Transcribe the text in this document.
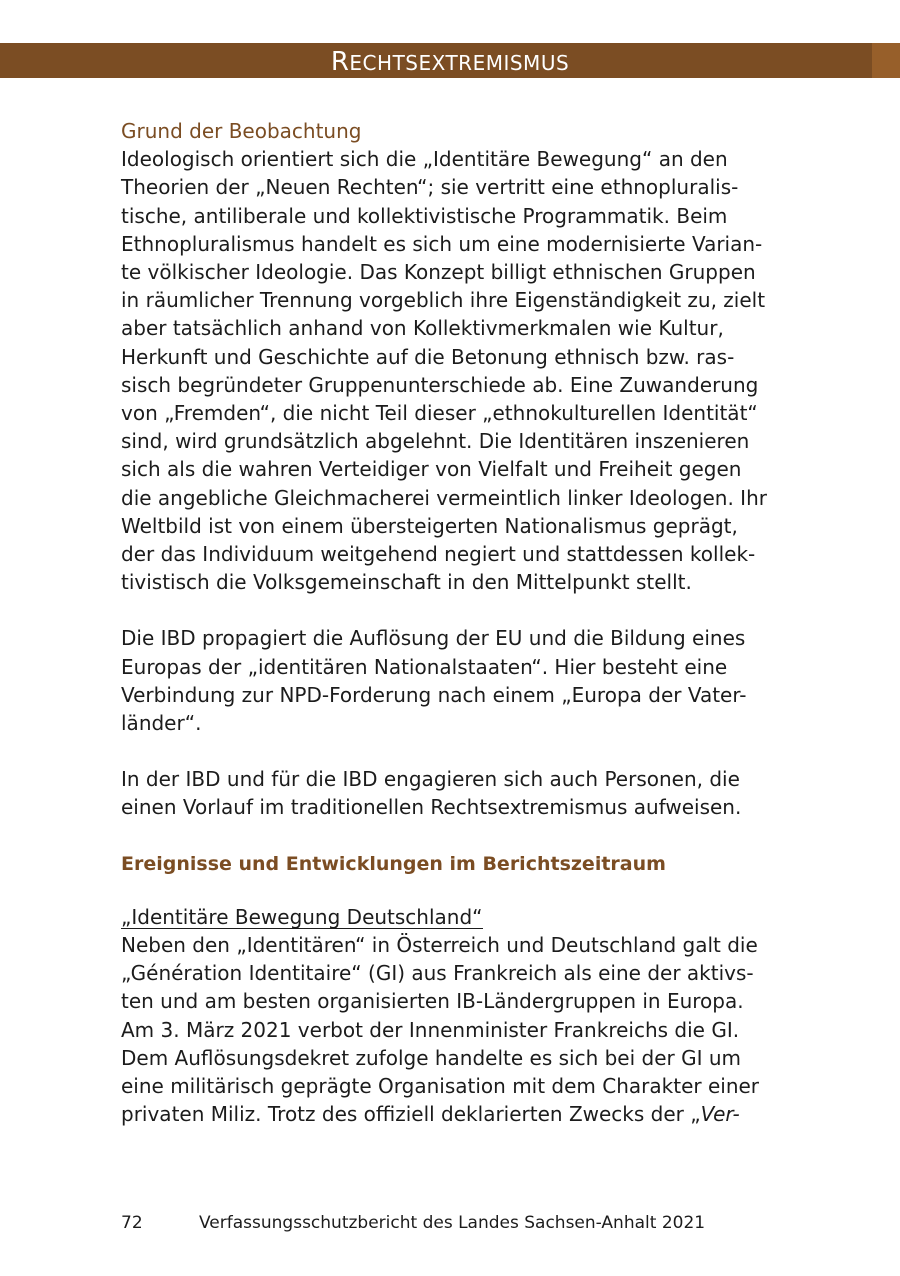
RECHTSEXTREMISMUS

Grund der Beobachtung

Ideologisch orientiert sich die „Identitäre Bewegung“ an den

Theorien der „Neuen Rechten“; sie vertritt eine ethnopluralis-

tische, antiliberale und kollektivistische Programmatik. Beim

Ethnopluralismus handelt es sich um eine modernisierte Varian-

te völkischer Ideologie. Das Konzept billigt ethnischen Gruppen

in räumlicher Trennung vorgeblich ihre Eigenständigkeit zu, zielt

aber tatsächlich anhand von Kollektivmerkmalen wie Kultur,

Herkunft und Geschichte auf die Betonung ethnisch bzw. ras-

sisch begründeter Gruppenunterschiede ab. Eine Zuwanderung

von „Fremden“, die nicht Teil dieser „ethnokulturellen Identität“

sind, wird grundsätzlich abgelehnt. Die Identitären inszenieren

sich als die wahren Verteidiger von Vielfalt und Freiheit gegen

die angebliche Gleichmacherei vermeintlich linker Ideologen. Ihr

Weltbild ist von einem übersteigerten Nationalismus geprägt,

der das Individuum weitgehend negiert und stattdessen kollek-

tivistisch die Volksgemeinschaft in den Mittelpunkt stellt.

Die IBD propagiert die Auflösung der EU und die Bildung eines

Europas der „identitären Nationalstaaten“. Hier besteht eine

Verbindung zur NPD-Forderung nach einem „Europa der Vater-

länder“.

In der IBD und für die IBD engagieren sich auch Personen, die

einen Vorlauf im traditionellen Rechtsextremismus aufweisen.

Ereignisse und Entwicklungen im Berichtszeitraum

„Identitäre Bewegung Deutschland“

Neben den „Identitären“ in Österreich und Deutschland galt die

„Génération Identitaire“ (GI) aus Frankreich als eine der aktivs-

ten und am besten organisierten IB-Ländergruppen in Europa.

Am 3. März 2021 verbot der Innenminister Frankreichs die GI.

Dem Auflösungsdekret zufolge handelte es sich bei der GI um

eine militärisch geprägte Organisation mit dem Charakter einer

privaten Miliz. Trotz des offiziell deklarierten Zwecks der „Ver-

72	Verfassungsschutzbericht des Landes Sachsen-Anhalt 2021
